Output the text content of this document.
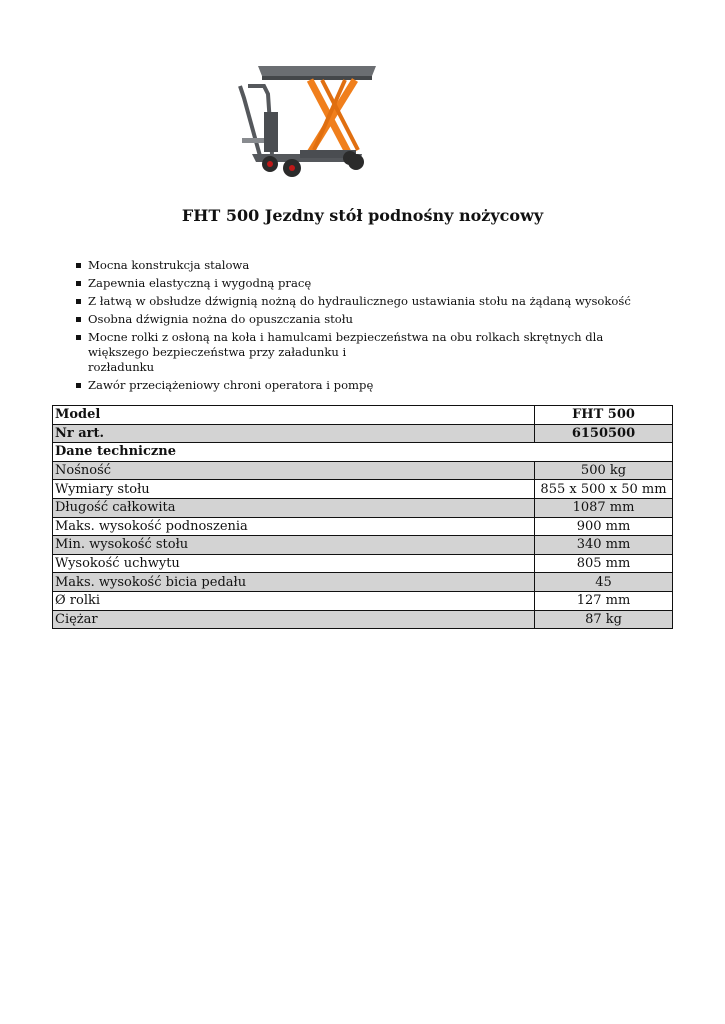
FHT 500 Jezdny stół podnośny nożycowy
Mocna konstrukcja stalowa
Zapewnia elastyczną i wygodną pracę
Z łatwą w obsłudze dźwignią nożną do hydraulicznego ustawiania stołu na żądaną wysokość
Osobna dźwignia nożna do opuszczania stołu
Mocne rolki z osłoną na koła i hamulcami bezpieczeństwa na obu rolkach skrętnych dla większego bezpieczeństwa przy załadunku i
rozładunku
Zawór przeciążeniowy chroni operatora i pompę
Model	FHT 500
Nr art.	6150500
Dane techniczne	
Nośność	500 kg
Wymiary stołu	855 x 500 x 50 mm
Długość całkowita	1087 mm
Maks. wysokość podnoszenia	900 mm
Min. wysokość stołu	340 mm
Wysokość uchwytu	805 mm
Maks. wysokość bicia pedału	45
Ø rolki	127 mm
Ciężar	87 kg
